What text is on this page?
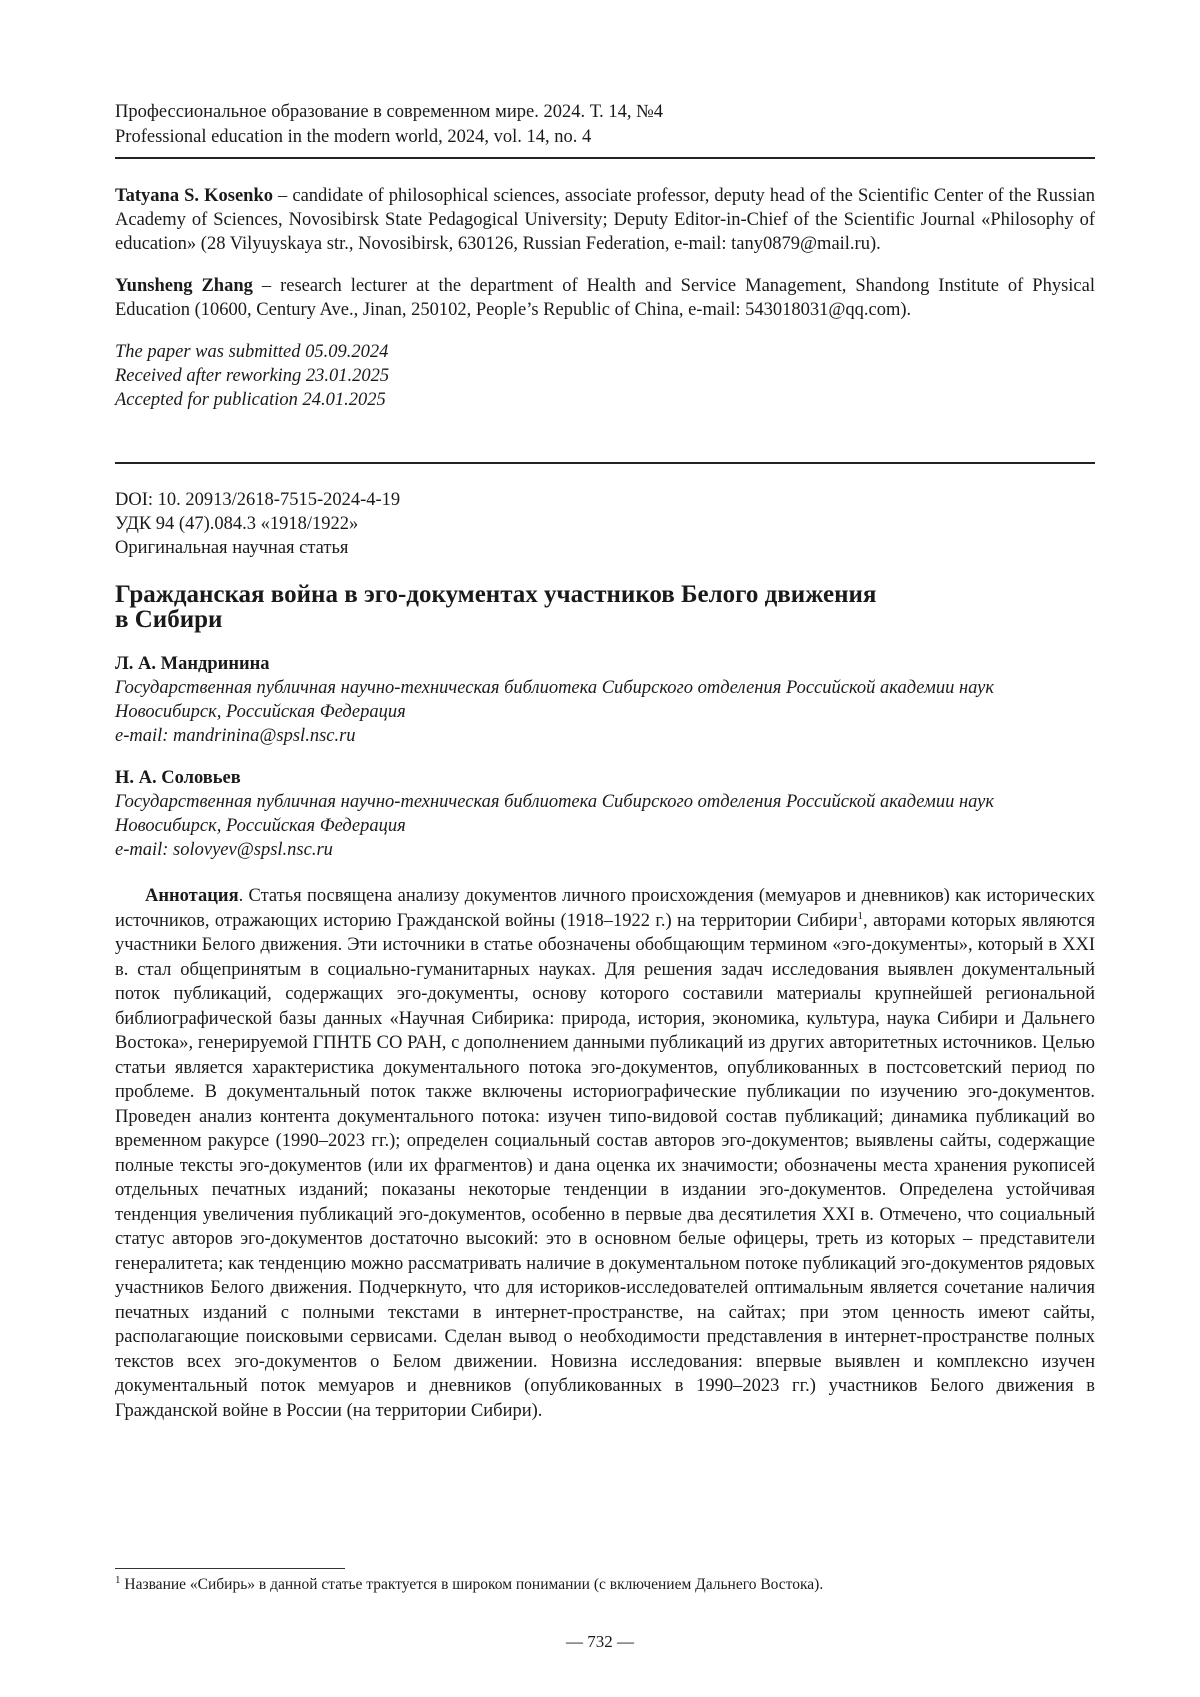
Профессиональное образование в современном мире. 2024. Т. 14, №4
Professional education in the modern world, 2024, vol. 14, no. 4

Tatyana S. Kosenko – candidate of philosophical sciences, associate professor, deputy head of the Scientific Center of the Russian Academy of Sciences, Novosibirsk State Pedagogical University; Deputy Editor-in-Chief of the Scientific Journal «Philosophy of education» (28 Vilyuyskaya str., Novosibirsk, 630126, Russian Federation, e-mail: tany0879@mail.ru).

Yunsheng Zhang – research lecturer at the department of Health and Service Management, Shandong Institute of Physical Education (10600, Century Ave., Jinan, 250102, People’s Republic of China, e-mail: 543018031@qq.com).

The paper was submitted 05.09.2024
Received after reworking 23.01.2025
Accepted for publication 24.01.2025
DOI: 10. 20913/2618-7515-2024-4-19
УДК 94 (47).084.3 «1918/1922»
Оригинальная научная статья
Гражданская война в эго-документах участников Белого движения
в Сибири
Л. А. Мандринина
Государственная публичная научно-техническая библиотека Сибирского отделения Российской академии наук
Новосибирск, Российская Федерация
e-mail: mandrinina@spsl.nsc.ru
Н. А. Соловьев
Государственная публичная научно-техническая библиотека Сибирского отделения Российской академии наук
Новосибирск, Российская Федерация
e-mail: solovyev@spsl.nsc.ru

Аннотация. Статья посвящена анализу документов личного происхождения (мемуаров и дневников) как исторических источников, отражающих историю Гражданской войны (1918–1922 г.) на территории Сибири1, авторами которых являются участники Белого движения. Эти источники в статье обозначены обобщающим термином «эго-документы», который в XXI в. стал общепринятым в социально-гуманитарных науках. Для решения задач исследования выявлен документальный поток публикаций, содержащих эго-документы, основу которого составили материалы крупнейшей региональной библиографической базы данных «Научная Сибирика: природа, история, экономика, культура, наука Сибири и Дальнего Востока», генерируемой ГПНТБ СО РАН, с дополнением данными публикаций из других авторитетных источников. Целью статьи является характеристика документального потока эго-документов, опубликованных в постсоветский период по проблеме. В документальный поток также включены историографические публикации по изучению эго-документов. Проведен анализ контента документального потока: изучен типо-видовой состав публикаций; динамика публикаций во временном ракурсе (1990–2023 гг.); определен социальный состав авторов эго-документов; выявлены сайты, содержащие полные тексты эго-документов (или их фрагментов) и дана оценка их значимости; обозначены места хранения рукописей отдельных печатных изданий; показаны некоторые тенденции в издании эго-документов. Определена устойчивая тенденция увеличения публикаций эго-документов, особенно в первые два десятилетия XXI в. Отмечено, что социальный статус авторов эго-документов достаточно высокий: это в основном белые офицеры, треть из которых – представители генералитета; как тенденцию можно рассматривать наличие в документальном потоке публикаций эго-документов рядовых участников Белого движения. Подчеркнуто, что для историков-исследователей оптимальным является сочетание наличия печатных изданий с полными текстами в интернет-пространстве, на сайтах; при этом ценность имеют сайты, располагающие поисковыми сервисами. Сделан вывод о необходимости представления в интернет-пространстве полных текстов всех эго-документов о Белом движении. Новизна исследования: впервые выявлен и комплексно изучен документальный поток мемуаров и дневников (опубликованных в 1990–2023 гг.) участников Белого движения в Гражданской войне в России (на территории Сибири).

1 Название «Сибирь» в данной статье трактуется в широком понимании (с включением Дальнего Востока).
— 732 —
